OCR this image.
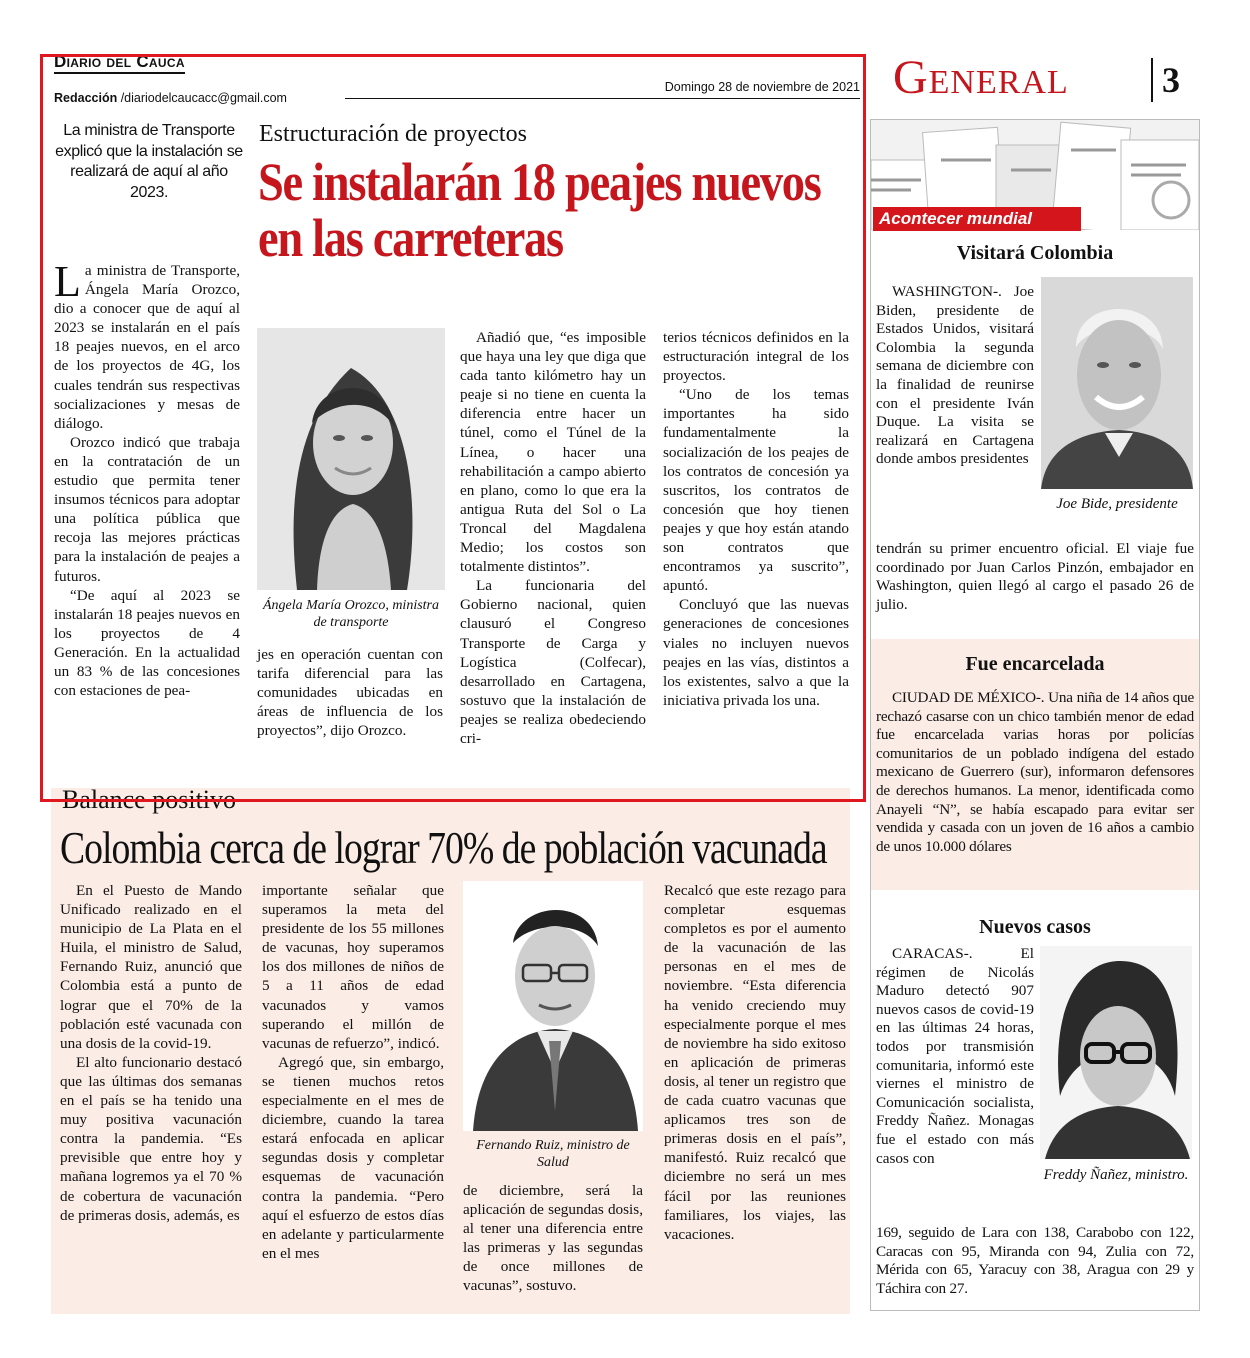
Diario del Cauca
Redacción /diariodelcaucacc@gmail.com
Domingo 28 de noviembre de 2021 General	3
La ministra de Transporte explicó que la instalación se realizará de aquí al año 2023.
Estructuración de proyectos
Se instalarán 18 peajes nuevos en las carreteras

La ministra de Transporte, Ángela María Orozco, dio a conocer que de aquí al 2023 se instalarán en el país 18 peajes nuevos, en el arco de los proyectos de 4G, los cuales tendrán sus respectivas socializaciones y mesas de diálogo.

Orozco indicó que trabaja en la contratación de un estudio que permita tener insumos técnicos para adoptar una política pública que recoja las mejores prácticas para la instalación de peajes a futuros.

“De aquí al 2023 se instalarán 18 peajes nuevos en los proyectos de 4 Generación. En la actualidad un 83 % de las concesiones con estaciones de pea-

Ángela María Orozco, ministra de transporte

jes en operación cuentan con tarifa diferencial para las comunidades ubicadas en áreas de influencia de los proyectos”, dijo Orozco.

Añadió que, “es imposible que haya una ley que diga que cada tanto kilómetro hay un peaje si no tiene en cuenta la diferencia entre hacer un túnel, como el Túnel de la Línea, o hacer una rehabilitación a campo abierto en plano, como lo que era la antigua Ruta del Sol o La Troncal del Magdalena Medio; los costos son totalmente distintos”.

La funcionaria del Gobierno nacional, quien clausuró el Congreso Transporte de Carga y Logística (Colfecar), desarrollado en Cartagena, sostuvo que la instalación de peajes se realiza obedeciendo cri-

terios técnicos definidos en la estructuración integral de los proyectos.

“Uno de los temas importantes ha sido fundamentalmente la socialización de los peajes de los contratos de concesión ya suscritos, los contratos de concesión que hoy tienen peajes y que hoy están atando son contratos que encontramos ya suscrito”, apuntó.

Concluyó que las nuevas generaciones de concesiones viales no incluyen nuevos peajes en las vías, distintos a los existentes, salvo a que la iniciativa privada los una.

Balance positivo
Colombia cerca de lograr 70% de población vacunada

En el Puesto de Mando Unificado realizado en el municipio de La Plata en el Huila, el ministro de Salud, Fernando Ruiz, anunció que Colombia está a punto de lograr que el 70% de la población esté vacunada con una dosis de la covid-19.

El alto funcionario destacó que las últimas dos semanas en el país se ha tenido una muy positiva vacunación contra la pandemia. “Es previsible que entre hoy y mañana logremos ya el 70 % de cobertura de vacunación de primeras dosis, además, es

importante señalar que superamos la meta del presidente de los 55 millones de vacunas, hoy superamos los dos millones de niños de 5 a 11 años de edad vacunados y vamos superando el millón de vacunas de refuerzo”, indicó.

Agregó que, sin embargo, se tienen muchos retos especialmente en el mes de diciembre, cuando la tarea estará enfocada en aplicar segundas dosis y completar esquemas de vacunación contra la pandemia. “Pero aquí el esfuerzo de estos días en adelante y particularmente en el mes

Fernando Ruiz, ministro de Salud

de diciembre, será la aplicación de segundas dosis, al tener una diferencia entre las primeras y las segundas de once millones de vacunas”, sostuvo.

Recalcó que este rezago para completar esquemas completos es por el aumento de la vacunación de las personas en el mes de noviembre. “Esta diferencia ha venido creciendo muy especialmente porque el mes de noviembre ha sido exitoso en aplicación de primeras dosis, al tener un registro que de cada cuatro vacunas que aplicamos tres son de primeras dosis en el país”, manifestó. Ruiz recalcó que diciembre no será un mes fácil por las reuniones familiares, los viajes, las vacaciones.

Acontecer mundial
Visitará Colombia

WASHINGTON-. Joe Biden, presidente de Estados Unidos, visitará Colombia la segunda semana de diciembre con la finalidad de reunirse con el presidente Iván Duque. La visita se realizará en Cartagena donde ambos presidentes

Joe Bide, presidente

tendrán su primer encuentro oficial. El viaje fue coordinado por Juan Carlos Pinzón, embajador en Washington, quien llegó al cargo el pasado 26 de julio.

Fue encarcelada

CIUDAD DE MÉXICO-. Una niña de 14 años que rechazó casarse con un chico también menor de edad fue encarcelada varias horas por policías comunitarios de un poblado indígena del estado mexicano de Guerrero (sur), informaron defensores de derechos humanos. La menor, identificada como Anayeli “N”, se había escapado para evitar ser vendida y casada con un joven de 16 años a cambio de unos 10.000 dólares

Nuevos casos

CARACAS-. El régimen de Nicolás Maduro detectó 907 nuevos casos de covid-19 en las últimas 24 horas, todos por transmisión comunitaria, informó este viernes el ministro de Comunicación socialista, Freddy Ñañez. Monagas fue el estado con más casos con

Freddy Ñañez, ministro.

169, seguido de Lara con 138, Carabobo con 122, Caracas con 95, Miranda con 94, Zulia con 72, Mérida con 65, Yaracuy con 38, Aragua con 29 y Táchira con 27.
